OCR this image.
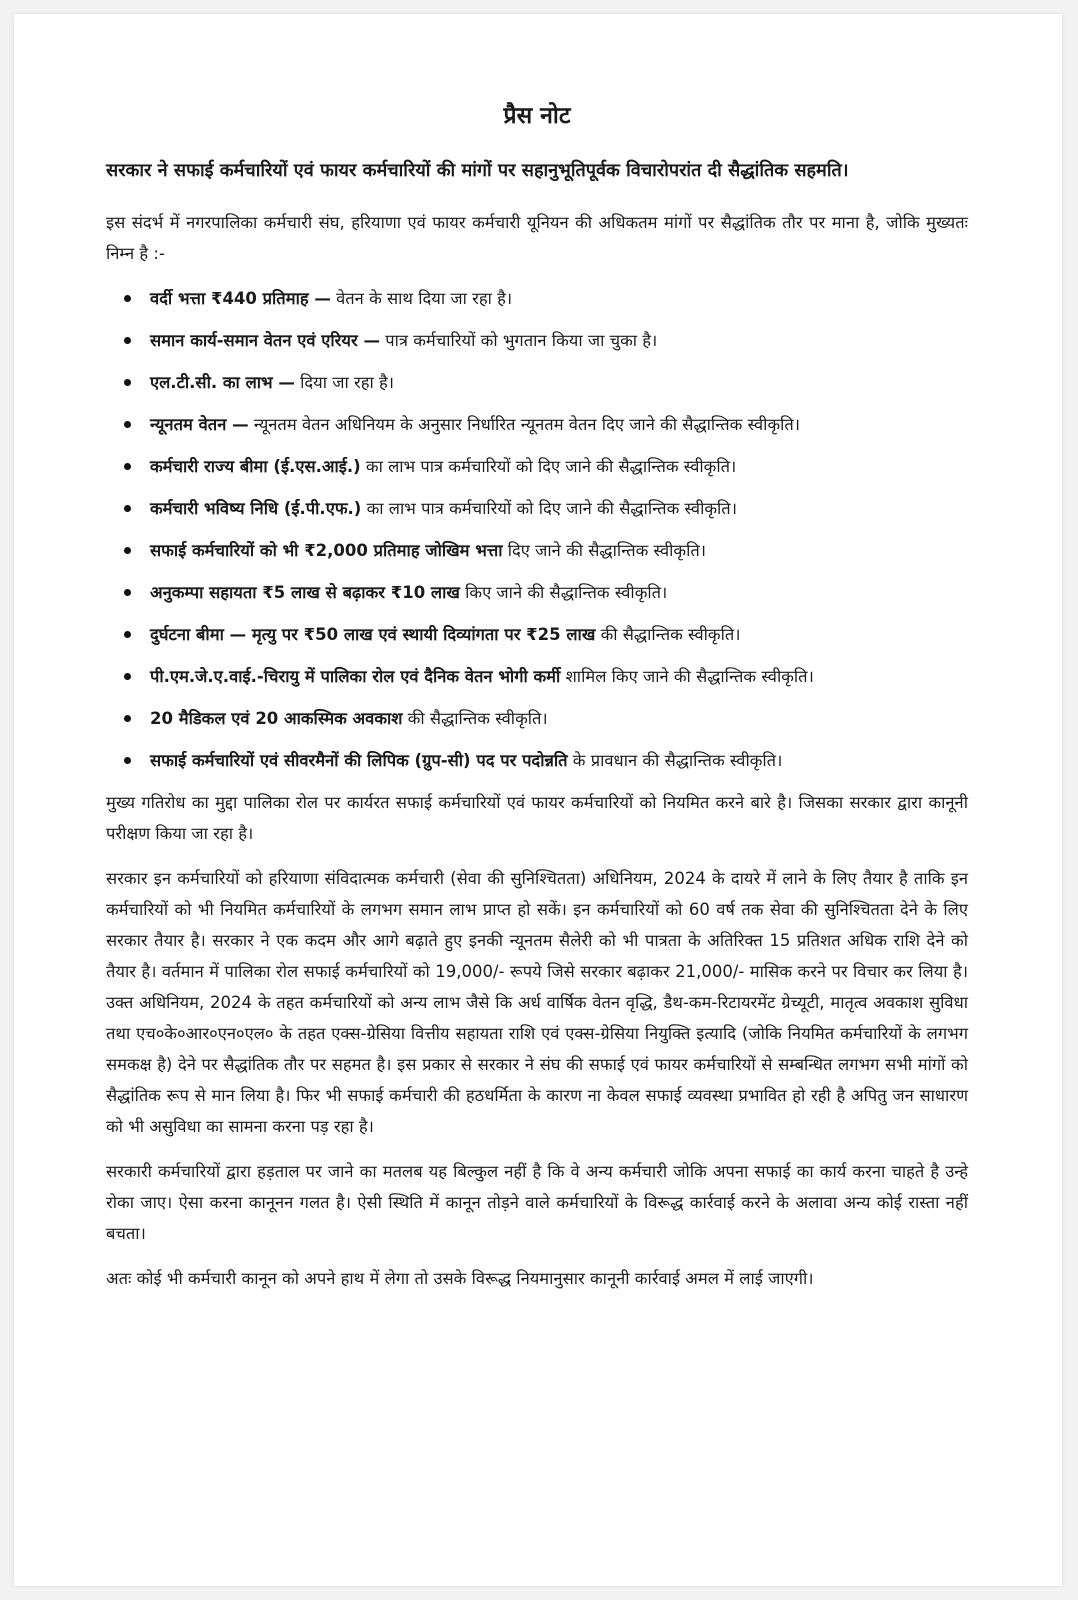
प्रैस नोट
सरकार ने सफाई कर्मचारियों एवं फायर कर्मचारियों की मांगों पर सहानुभूतिपूर्वक विचारोपरांत दी सैद्धांतिक सहमति।
इस संदर्भ में नगरपालिका कर्मचारी संघ, हरियाणा एवं फायर कर्मचारी यूनियन की अधिकतम मांगों पर सैद्धांतिक तौर पर माना है, जोकि मुख्यतः निम्न है :-
वर्दी भत्ता ₹440 प्रतिमाह — वेतन के साथ दिया जा रहा है।
समान कार्य-समान वेतन एवं एरियर — पात्र कर्मचारियों को भुगतान किया जा चुका है।
एल.टी.सी. का लाभ — दिया जा रहा है।
न्यूनतम वेतन — न्यूनतम वेतन अधिनियम के अनुसार निर्धारित न्यूनतम वेतन दिए जाने की सैद्धान्तिक स्वीकृति।
कर्मचारी राज्य बीमा (ई.एस.आई.) का लाभ पात्र कर्मचारियों को दिए जाने की सैद्धान्तिक स्वीकृति।
कर्मचारी भविष्य निधि (ई.पी.एफ.) का लाभ पात्र कर्मचारियों को दिए जाने की सैद्धान्तिक स्वीकृति।
सफाई कर्मचारियों को भी ₹2,000 प्रतिमाह जोखिम भत्ता दिए जाने की सैद्धान्तिक स्वीकृति।
अनुकम्पा सहायता ₹5 लाख से बढ़ाकर ₹10 लाख किए जाने की सैद्धान्तिक स्वीकृति।
दुर्घटना बीमा — मृत्यु पर ₹50 लाख एवं स्थायी दिव्यांगता पर ₹25 लाख की सैद्धान्तिक स्वीकृति।
पी.एम.जे.ए.वाई.-चिरायु में पालिका रोल एवं दैनिक वेतन भोगी कर्मी शामिल किए जाने की सैद्धान्तिक स्वीकृति।
20 मैडिकल एवं 20 आकस्मिक अवकाश की सैद्धान्तिक स्वीकृति।
सफाई कर्मचारियों एवं सीवरमैनों की लिपिक (ग्रुप-सी) पद पर पदोन्नति के प्रावधान की सैद्धान्तिक स्वीकृति।
मुख्य गतिरोध का मुद्दा पालिका रोल पर कार्यरत सफाई कर्मचारियों एवं फायर कर्मचारियों को नियमित करने बारे है। जिसका सरकार द्वारा कानूनी परीक्षण किया जा रहा है।
सरकार इन कर्मचारियों को हरियाणा संविदात्मक कर्मचारी (सेवा की सुनिश्चितता) अधिनियम, 2024 के दायरे में लाने के लिए तैयार है ताकि इन कर्मचारियों को भी नियमित कर्मचारियों के लगभग समान लाभ प्राप्त हो सकें। इन कर्मचारियों को 60 वर्ष तक सेवा की सुनिश्चितता देने के लिए सरकार तैयार है। सरकार ने एक कदम और आगे बढ़ाते हुए इनकी न्यूनतम सैलेरी को भी पात्रता के अतिरिक्त 15 प्रतिशत अधिक राशि देने को तैयार है। वर्तमान में पालिका रोल सफाई कर्मचारियों को 19,000/- रूपये जिसे सरकार बढ़ाकर 21,000/- मासिक करने पर विचार कर लिया है। उक्त अधिनियम, 2024 के तहत कर्मचारियों को अन्य लाभ जैसे कि अर्ध वार्षिक वेतन वृद्धि, डैथ-कम-रिटायरमेंट ग्रेच्यूटी, मातृत्व अवकाश सुविधा तथा एच०के०आर०एन०एल० के तहत एक्स-ग्रेसिया वित्तीय सहायता राशि एवं एक्स-ग्रेसिया नियुक्ति इत्यादि (जोकि नियमित कर्मचारियों के लगभग समकक्ष है) देने पर सैद्धांतिक तौर पर सहमत है। इस प्रकार से सरकार ने संघ की सफाई एवं फायर कर्मचारियों से सम्बन्धित लगभग सभी मांगों को सैद्धांतिक रूप से मान लिया है। फिर भी सफाई कर्मचारी की हठधर्मिता के कारण ना केवल सफाई व्यवस्था प्रभावित हो रही है अपितु जन साधारण को भी असुविधा का सामना करना पड़ रहा है।
सरकारी कर्मचारियों द्वारा हड़ताल पर जाने का मतलब यह बिल्कुल नहीं है कि वे अन्य कर्मचारी जोकि अपना सफाई का कार्य करना चाहते है उन्हे रोका जाए। ऐसा करना कानूनन गलत है। ऐसी स्थिति में कानून तोड़ने वाले कर्मचारियों के विरूद्ध कार्रवाई करने के अलावा अन्य कोई रास्ता नहीं बचता।
अतः कोई भी कर्मचारी कानून को अपने हाथ में लेगा तो उसके विरूद्ध नियमानुसार कानूनी कार्रवाई अमल में लाई जाएगी।
